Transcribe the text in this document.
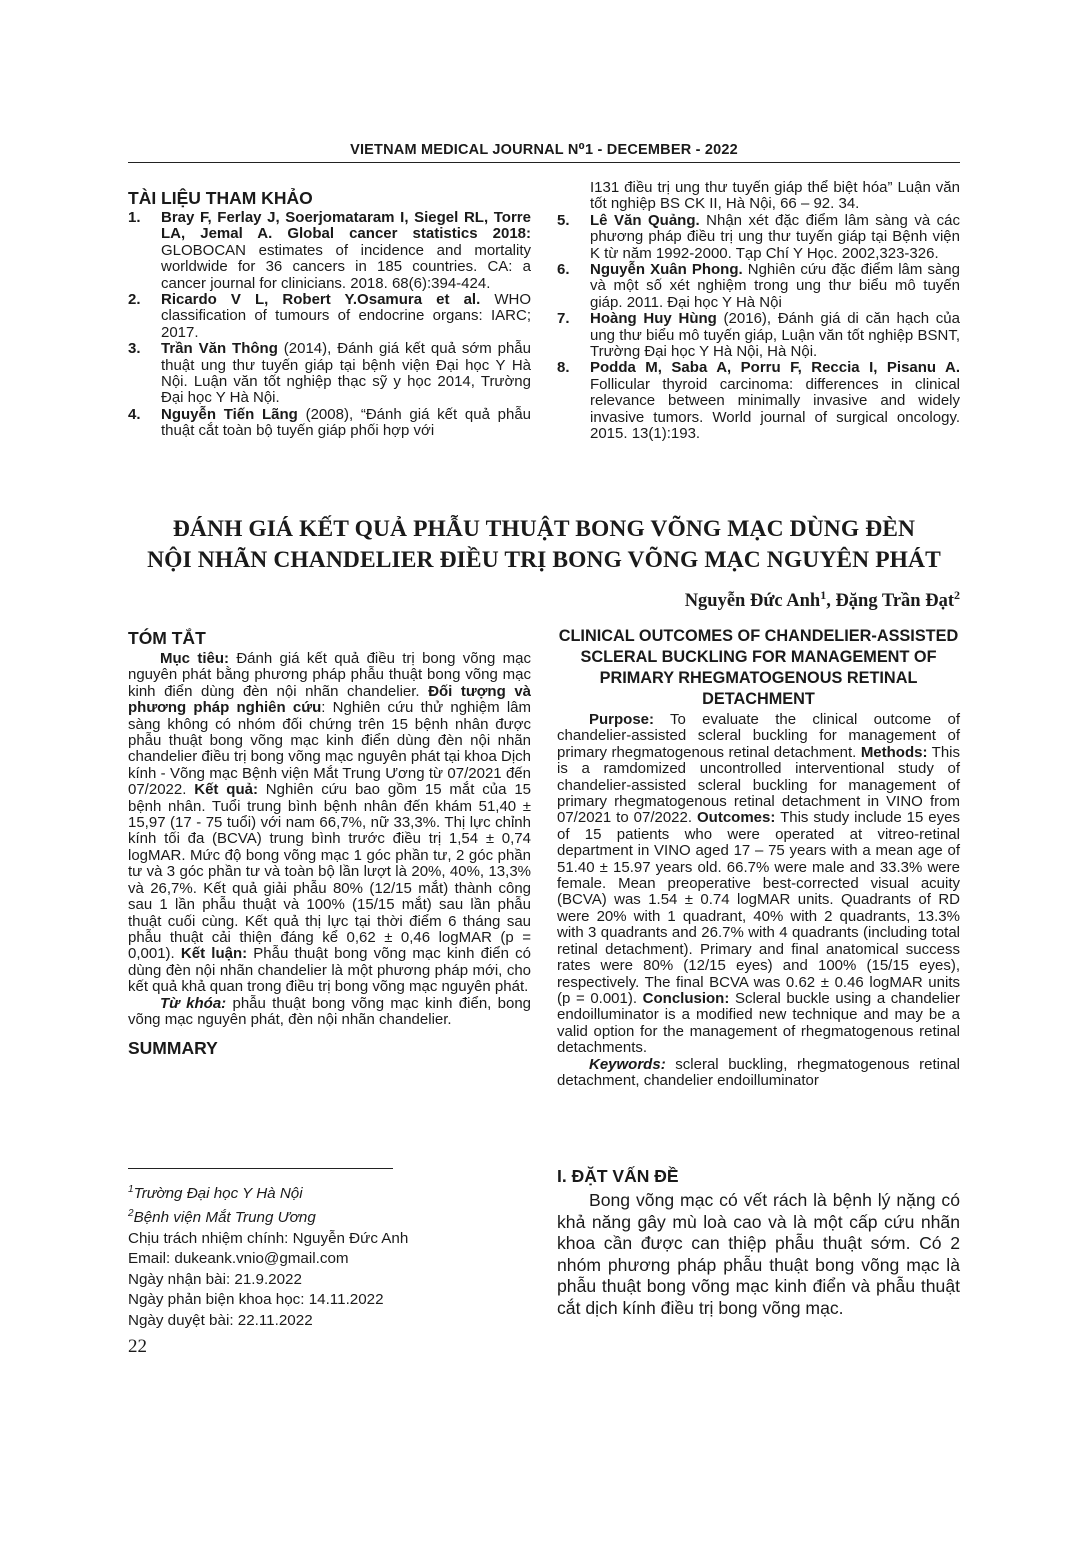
VIETNAM MEDICAL JOURNAL N⁰1 - DECEMBER - 2022
TÀI LIỆU THAM KHẢO
1.	Bray F, Ferlay J, Soerjomataram I, Siegel RL, Torre LA, Jemal A. Global cancer statistics 2018: GLOBOCAN estimates of incidence and mortality worldwide for 36 cancers in 185 countries. CA: a cancer journal for clinicians. 2018. 68(6):394-424.
2.	Ricardo V L, Robert Y.Osamura et al. WHO classification of tumours of endocrine organs: IARC; 2017.
3.	Trần Văn Thông (2014), Đánh giá kết quả sớm phẫu thuật ung thư tuyến giáp tại bệnh viện Đại học Y Hà Nội. Luận văn tốt nghiệp thạc sỹ y học 2014, Trường Đại học Y Hà Nội.
4.	Nguyễn Tiến Lãng (2008), “Đánh giá kết quả phẫu thuật cắt toàn bộ tuyến giáp phối hợp với
I131 điều trị ung thư tuyến giáp thể biệt hóa” Luận văn tốt nghiệp BS CK II, Hà Nội, 66 – 92. 34.
5.	Lê Văn Quảng. Nhận xét đặc điểm lâm sàng và các phương pháp điều trị ung thư tuyến giáp tại Bệnh viện K từ năm 1992-2000. Tạp Chí Y Học. 2002,323-326.
6.	Nguyễn Xuân Phong. Nghiên cứu đặc điểm lâm sàng và một số xét nghiệm trong ung thư biểu mô tuyến giáp. 2011. Đại học Y Hà Nội
7.	Hoàng Huy Hùng (2016), Đánh giá di căn hạch của ung thư biểu mô tuyến giáp, Luận văn tốt nghiệp BSNT, Trường Đại học Y Hà Nội, Hà Nội.
8.	Podda M, Saba A, Porru F, Reccia I, Pisanu A. Follicular thyroid carcinoma: differences in clinical relevance between minimally invasive and widely invasive tumors. World journal of surgical oncology. 2015. 13(1):193.
ĐÁNH GIÁ KẾT QUẢ PHẪU THUẬT BONG VÕNG MẠC DÙNG ĐÈN
NỘI NHÃN CHANDELIER ĐIỀU TRỊ BONG VÕNG MẠC NGUYÊN PHÁT
Nguyễn Đức Anh$^1$, Đặng Trần Đạt$^2$
TÓM TẮT

Mục tiêu: Đánh giá kết quả điều trị bong võng mạc nguyên phát bằng phương pháp phẫu thuật bong võng mạc kinh điển dùng đèn nội nhãn chandelier. Đối tượng và phương pháp nghiên cứu: Nghiên cứu thử nghiệm lâm sàng không có nhóm đối chứng trên 15 bệnh nhân được phẫu thuật bong võng mạc kinh điển dùng đèn nội nhãn chandelier điều trị bong võng mạc nguyên phát tại khoa Dịch kính - Võng mạc Bệnh viện Mắt Trung Ương từ 07/2021 đến 07/2022. Kết quả: Nghiên cứu bao gồm 15 mắt của 15 bệnh nhân. Tuổi trung bình bệnh nhân đến khám 51,40 ± 15,97 (17 - 75 tuổi) với nam 66,7%, nữ 33,3%. Thị lực chỉnh kính tối đa (BCVA) trung bình trước điều trị 1,54 ± 0,74 logMAR. Mức độ bong võng mạc 1 góc phần tư, 2 góc phần tư và 3 góc phần tư và toàn bộ lần lượt là 20%, 40%, 13,3% và 26,7%. Kết quả giải phẫu 80% (12/15 mắt) thành công sau 1 lần phẫu thuật và 100% (15/15 mắt) sau lần phẫu thuật cuối cùng. Kết quả thị lực tại thời điểm 6 tháng sau phẫu thuật cải thiện đáng kể 0,62 ± 0,46 logMAR (p = 0,001). Kết luận: Phẫu thuật bong võng mạc kinh điển có dùng đèn nội nhãn chandelier là một phương pháp mới, cho kết quả khả quan trong điều trị bong võng mạc nguyên phát.

Từ khóa: phẫu thuật bong võng mạc kinh điển, bong võng mạc nguyên phát, đèn nội nhãn chandelier.

SUMMARY
CLINICAL OUTCOMES OF CHANDELIER-ASSISTED SCLERAL BUCKLING FOR MANAGEMENT OF PRIMARY RHEGMATOGENOUS RETINAL DETACHMENT

Purpose: To evaluate the clinical outcome of chandelier-assisted scleral buckling for management of primary rhegmatogenous retinal detachment. Methods: This is a ramdomized uncontrolled interventional study of chandelier-assisted scleral buckling for management of primary rhegmatogenous retinal detachment in VINO from 07/2021 to 07/2022. Outcomes: This study include 15 eyes of 15 patients who were operated at vitreo-retinal department in VINO aged 17 – 75 years with a mean age of 51.40 ± 15.97 years old. 66.7% were male and 33.3% were female. Mean preoperative best-corrected visual acuity (BCVA) was 1.54 ± 0.74 logMAR units. Quadrants of RD were 20% with 1 quadrant, 40% with 2 quadrants, 13.3% with 3 quadrants and 26.7% with 4 quadrants (including total retinal detachment). Primary and final anatomical success rates were 80% (12/15 eyes) and 100% (15/15 eyes), respectively. The final BCVA was 0.62 ± 0.46 logMAR units (p = 0.001). Conclusion: Scleral buckle using a chandelier endoilluminator is a modified new technique and may be a valid option for the management of rhegmatogenous retinal detachments.

Keywords: scleral buckling, rhegmatogenous retinal detachment, chandelier endoilluminator

I. ĐẶT VẤN ĐỀ

Bong võng mạc có vết rách là bệnh lý nặng có khả năng gây mù loà cao và là một cấp cứu nhãn khoa cần được can thiệp phẫu thuật sớm. Có 2 nhóm phương pháp phẫu thuật bong võng mạc là phẫu thuật bong võng mạc kinh điển và phẫu thuật cắt dịch kính điều trị bong võng mạc.

$^1$Trường Đại học Y Hà Nội
$^2$Bệnh viện Mắt Trung Ương
Chịu trách nhiệm chính: Nguyễn Đức Anh
Email: dukeank.vnio@gmail.com
Ngày nhận bài: 21.9.2022
Ngày phản biện khoa học: 14.11.2022
Ngày duyệt bài: 22.11.2022
22
